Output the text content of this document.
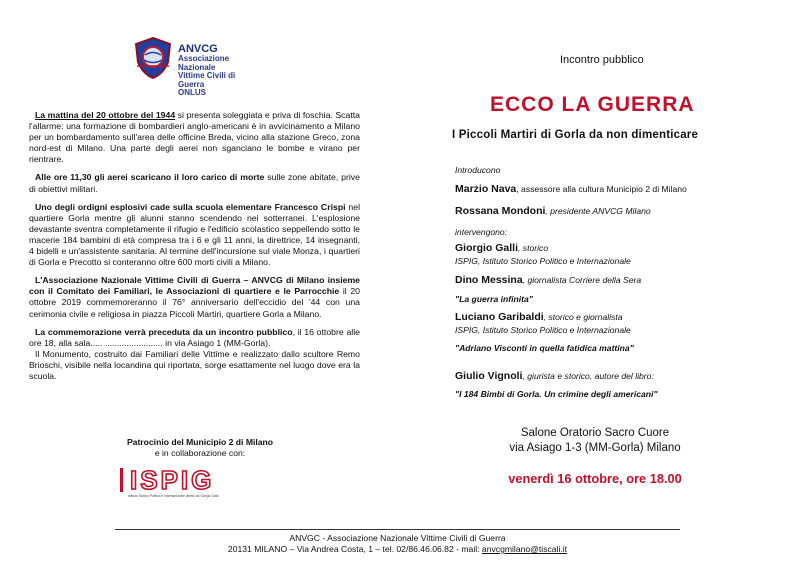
ANVCG
Associazione Nazionale
Vittime Civili di Guerra
ONLUS

La mattina del 20 ottobre del 1944 si presenta soleggiata e priva di foschia. Scatta l'allarme: una formazione di bombardieri anglo-americani è in avvicinamento a Milano per un bombardamento sull'area delle officine Breda, vicino alla stazione Greco, zona nord-est di Milano. Una parte degli aerei non sganciano le bombe e virano per rientrare.

Alle ore 11,30 gli aerei scaricano il loro carico di morte sulle zone abitate, prive di obiettivi militari.

Uno degli ordigni esplosivi cade sulla scuola elementare Francesco Crispi nel quartiere Gorla mentre gli alunni stanno scendendo nei sotterranei. L'esplosione devastante sventra completamente il rifugio e l'edificio scolastico seppellendo sotto le macerie 184 bambini di età compresa tra i 6 e gli 11 anni, la direttrice, 14 insegnanti, 4 bidelli e un'assistente sanitaria. Al termine dell'incursione sul viale Monza, i quartieri di Gorla e Precotto si conteranno oltre 600 morti civili a Milano.

L'Associazione Nazionale Vittime Civili di Guerra – ANVCG di Milano insieme con il Comitato dei Familiari, le Associazioni di quartiere e le Parrocchie il 20 ottobre 2019 commemoreranno il 76° anniversario dell'eccidio del '44 con una cerimonia civile e religiosa in piazza Piccoli Martiri, quartiere Gorla a Milano.

La commemorazione verrà preceduta da un incontro pubblico, il 16 ottobre alle ore 18, alla sala..... ........................ in via Asiago 1 (MM-Gorla).

Il Monumento, costruito dai Familiari delle Vittime e realizzato dallo scultore Remo Brioschi, visibile nella locandina qui riportata, sorge esattamente nel luogo dove era la scuola.

Patrocinio del Municipio 2 di Milano
e in collaborazione con:
ISPIG
Istituto Storico Politico e Internazionale diretto da Giorgio Galli
Incontro pubblico
ECCO LA GUERRA
I Piccoli Martiri di Gorla da non dimenticare
Introducono
Marzio Nava, assessore alla cultura Municipio 2 di Milano
Rossana Mondoni, presidente ANVCG Milano
intervengono:
Giorgio Galli, storico
ISPIG, Istituto Storico Politico e Internazionale
Dino Messina, giornalista Corriere della Sera
"La guerra infinita"
Luciano Garibaldi, storico e giornalista
ISPIG, Istituto Storico Politico e Internazionale
"Adriano Visconti in quella fatidica mattina"
Giulio Vignoli, giurista e storico, autore del libro:
"I 184 Bimbi di Gorla. Un crimine degli americani"
Salone Oratorio Sacro Cuore
via Asiago 1-3 (MM-Gorla) Milano
venerdì 16 ottobre, ore 18.00
ANVGC - Associazione Nazionale Vittime Civili di Guerra
20131 MILANO – Via Andrea Costa, 1 – tel. 02/86.46.06.82 - mail: anvcgmilano@tiscali.it
